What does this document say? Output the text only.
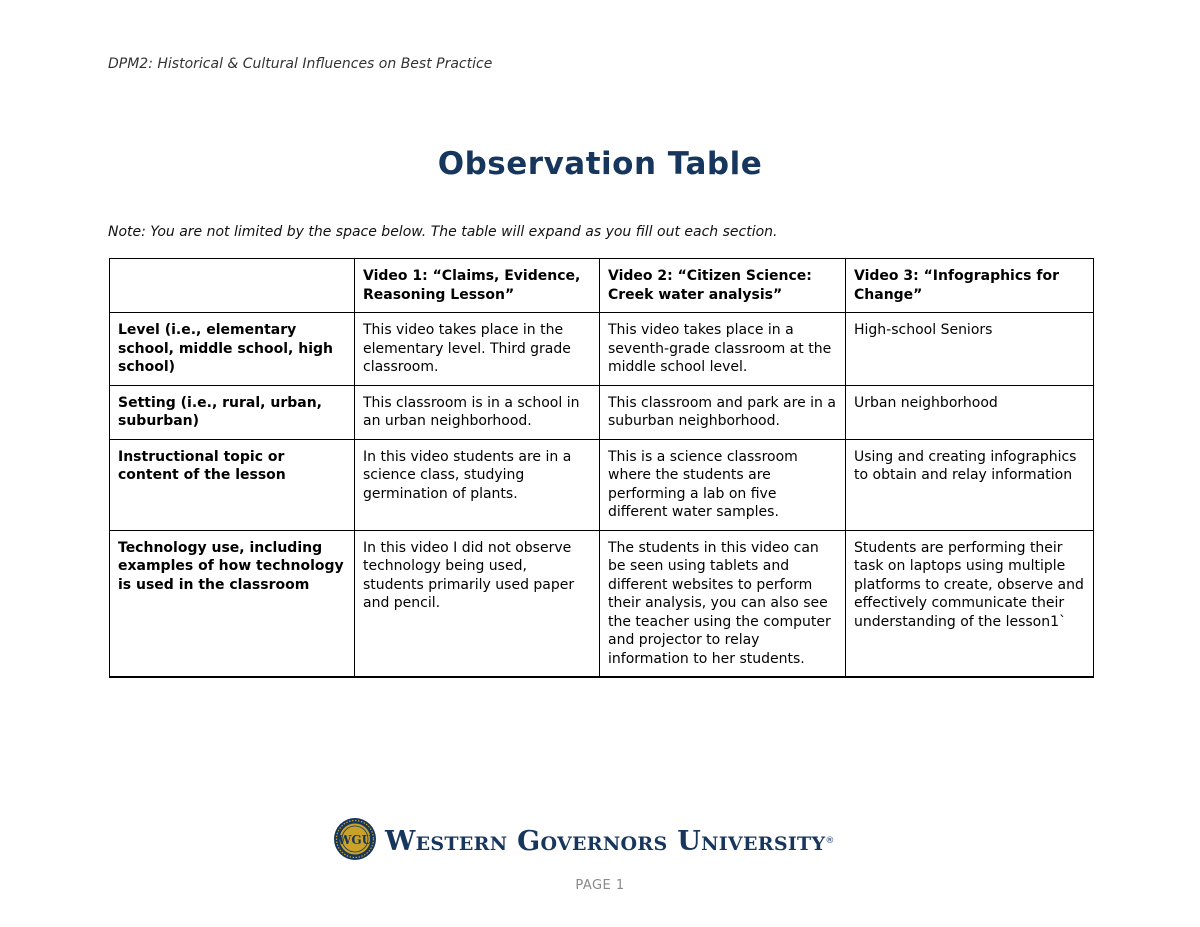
DPM2: Historical & Cultural Influences on Best Practice
Observation Table
Note: You are not limited by the space below. The table will expand as you fill out each section.
	Video 1: “Claims, Evidence, Reasoning Lesson”	Video 2: “Citizen Science: Creek water analysis”	Video 3: “Infographics for Change”
Level (i.e., elementary school, middle school, high school)	This video takes place in the elementary level. Third grade classroom.	This video takes place in a seventh-grade classroom at the middle school level.	High-school Seniors
Setting (i.e., rural, urban, suburban)	This classroom is in a school in an urban neighborhood.	This classroom and park are in a suburban neighborhood.	Urban neighborhood
Instructional topic or content of the lesson	In this video students are in a science class, studying germination of plants.	This is a science classroom where the students are performing a lab on five different water samples.	Using and creating infographics to obtain and relay information
Technology use, including examples of how technology is used in the classroom	In this video I did not observe technology being used, students primarily used paper and pencil.	The students in this video can be seen using tablets and different websites to perform their analysis, you can also see the teacher using the computer and projector to relay information to her students.	Students are performing their task on laptops using multiple platforms to create, observe and effectively communicate their understanding of the lesson1`
WGU Western Governors University ®
PAGE 1
